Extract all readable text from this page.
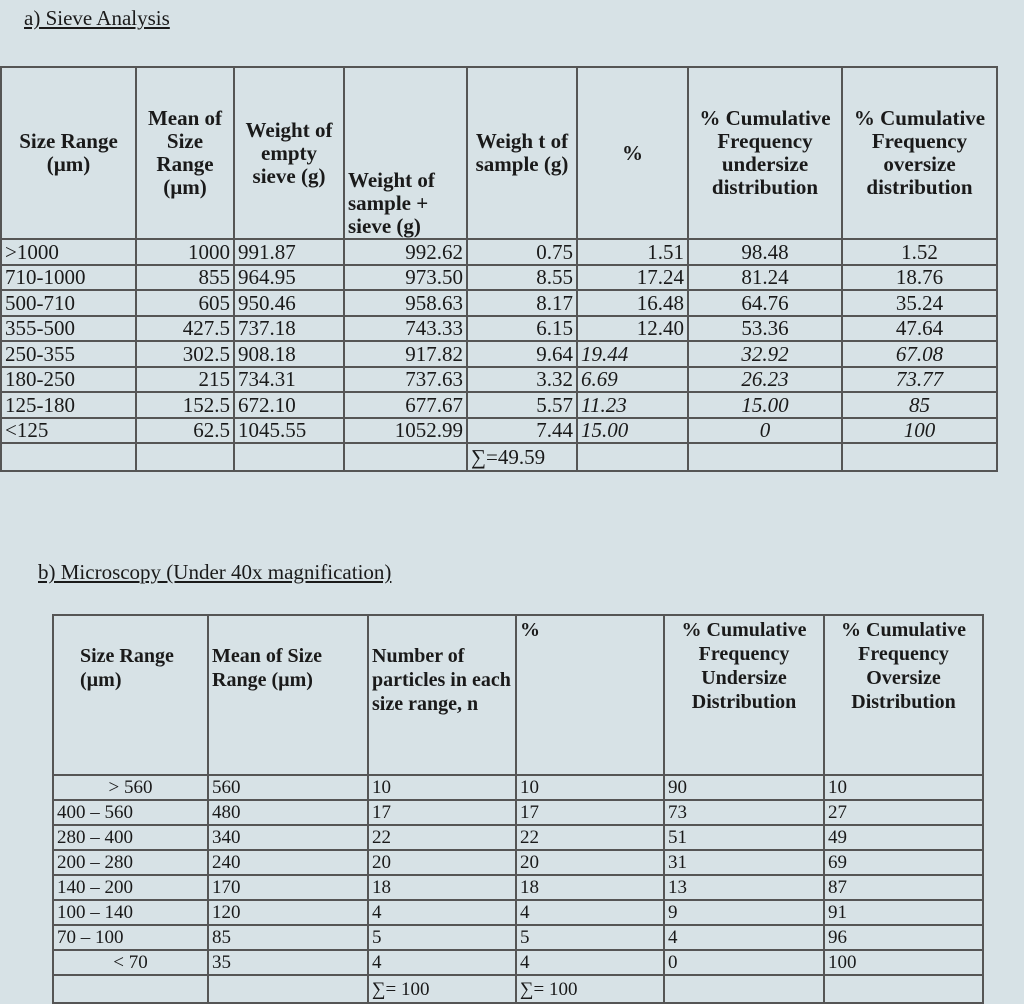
a) Sieve Analysis
Size Range (µm)	Mean of Size Range (µm)	Weight of empty sieve (g)	Weight of sample + sieve (g)	Weigh t of sample (g)	%	% Cumulative Frequency undersize distribution	% Cumulative Frequency oversize distribution
>1000	1000	991.87	992.62	0.75	1.51	98.48	1.52
710-1000	855	964.95	973.50	8.55	17.24	81.24	18.76
500-710	605	950.46	958.63	8.17	16.48	64.76	35.24
355-500	427.5	737.18	743.33	6.15	12.40	53.36	47.64
250-355	302.5	908.18	917.82	9.64	19.44	32.92	67.08
180-250	215	734.31	737.63	3.32	6.69	26.23	73.77
125-180	152.5	672.10	677.67	5.57	11.23	15.00	85
<125	62.5	1045.55	1052.99	7.44	15.00	0	100
				∑=49.59			
b) Microscopy (Under 40x magnification)
Size Range (µm)	Mean of Size Range (µm)	Number of particles in each size range, n	%	% Cumulative Frequency Undersize Distribution	% Cumulative Frequency Oversize Distribution
> 560	560	10	10	90	10
400 – 560	480	17	17	73	27
280 – 400	340	22	22	51	49
200 – 280	240	20	20	31	69
140 – 200	170	18	18	13	87
100 – 140	120	4	4	9	91
70 – 100	85	5	5	4	96
< 70	35	4	4	0	100
		∑= 100	∑= 100		
